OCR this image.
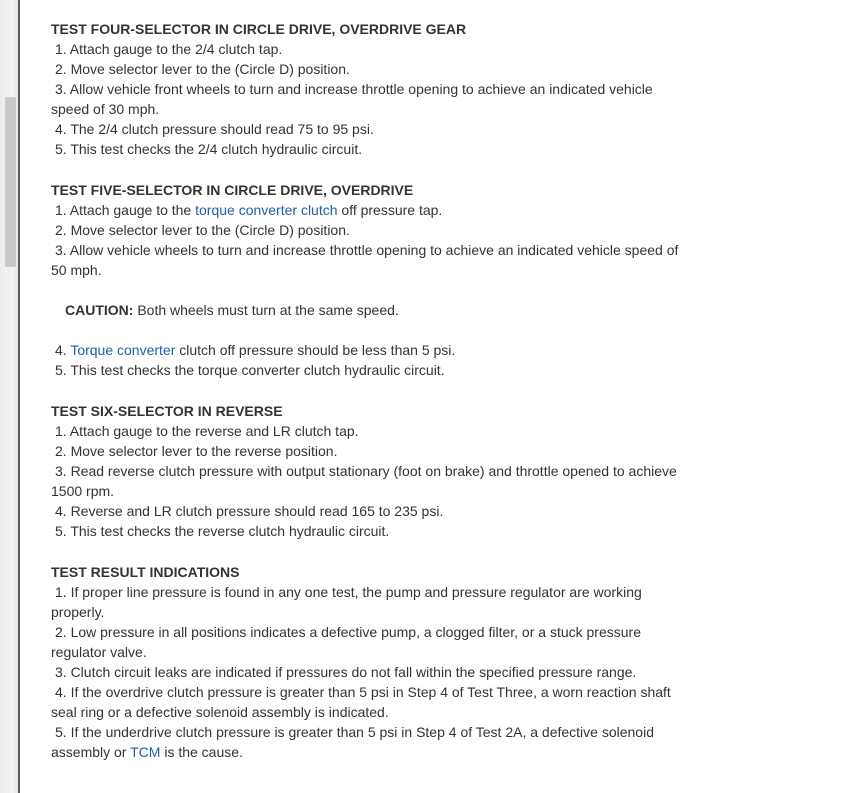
TEST FOUR-SELECTOR IN CIRCLE DRIVE, OVERDRIVE GEAR
1. Attach gauge to the 2/4 clutch tap.
2. Move selector lever to the (Circle D) position.
3. Allow vehicle front wheels to turn and increase throttle opening to achieve an indicated vehicle speed of 30 mph.
4. The 2/4 clutch pressure should read 75 to 95 psi.
5. This test checks the 2/4 clutch hydraulic circuit.
TEST FIVE-SELECTOR IN CIRCLE DRIVE, OVERDRIVE
1. Attach gauge to the torque converter clutch off pressure tap.
2. Move selector lever to the (Circle D) position.
3. Allow vehicle wheels to turn and increase throttle opening to achieve an indicated vehicle speed of 50 mph.
CAUTION: Both wheels must turn at the same speed.
4. Torque converter clutch off pressure should be less than 5 psi.
5. This test checks the torque converter clutch hydraulic circuit.
TEST SIX-SELECTOR IN REVERSE
1. Attach gauge to the reverse and LR clutch tap.
2. Move selector lever to the reverse position.
3. Read reverse clutch pressure with output stationary (foot on brake) and throttle opened to achieve 1500 rpm.
4. Reverse and LR clutch pressure should read 165 to 235 psi.
5. This test checks the reverse clutch hydraulic circuit.
TEST RESULT INDICATIONS
1. If proper line pressure is found in any one test, the pump and pressure regulator are working properly.
2. Low pressure in all positions indicates a defective pump, a clogged filter, or a stuck pressure regulator valve.
3. Clutch circuit leaks are indicated if pressures do not fall within the specified pressure range.
4. If the overdrive clutch pressure is greater than 5 psi in Step 4 of Test Three, a worn reaction shaft seal ring or a defective solenoid assembly is indicated.
5. If the underdrive clutch pressure is greater than 5 psi in Step 4 of Test 2A, a defective solenoid assembly or TCM is the cause.
